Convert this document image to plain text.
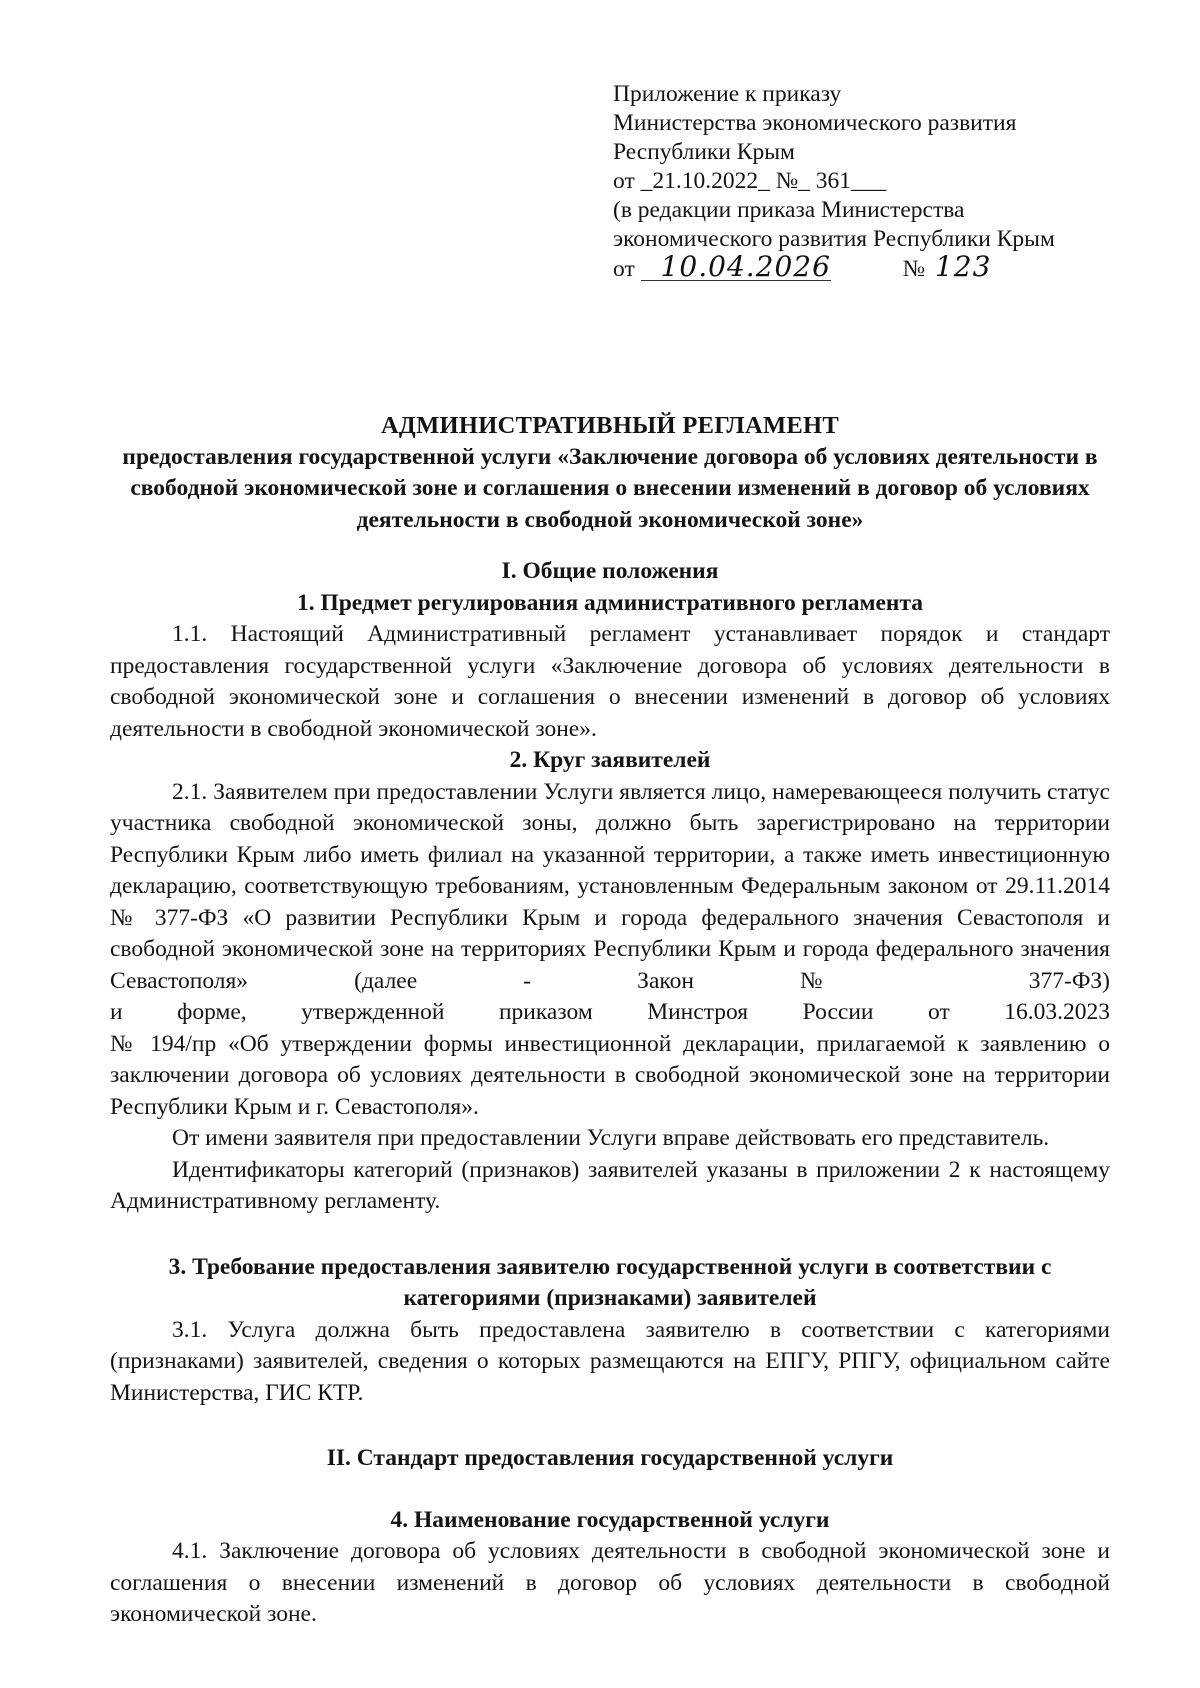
Приложение к приказу
Министерства экономического развития
Республики Крым
от _21.10.2022_ №_ 361___
(в редакции приказа Министерства
экономического развития Республики Крым
от 10.04.2026	№ 123

АДМИНИСТРАТИВНЫЙ РЕГЛАМЕНТ

предоставления государственной услуги «Заключение договора об условиях деятельности в свободной экономической зоне и соглашения о внесении изменений в договор об условиях деятельности в свободной экономической зоне»

I. Общие положения

1. Предмет регулирования административного регламента

1.1. Настоящий Административный регламент устанавливает порядок и стандарт предоставления государственной услуги «Заключение договора об условиях деятельности в свободной экономической зоне и соглашения о внесении изменений в договор об условиях деятельности в свободной экономической зоне».

2. Круг заявителей

2.1. Заявителем при предоставлении Услуги является лицо, намеревающееся получить статус участника свободной экономической зоны, должно быть зарегистрировано на территории Республики Крым либо иметь филиал на указанной территории, а также иметь инвестиционную декларацию, соответствующую требованиям, установленным Федеральным законом от 29.11.2014 № 377-ФЗ «О развитии Республики Крым и города федерального значения Севастополя и свободной экономической зоне на территориях Республики Крым и города федерального значения Севастополя» (далее - Закон № 377-ФЗ)

и форме, утвержденной приказом Минстроя России от 16.03.2023

№ 194/пр «Об утверждении формы инвестиционной декларации, прилагаемой к заявлению о заключении договора об условиях деятельности в свободной экономической зоне на территории Республики Крым и г. Севастополя».

От имени заявителя при предоставлении Услуги вправе действовать его представитель.

Идентификаторы категорий (признаков) заявителей указаны в приложении 2 к настоящему Административному регламенту.

3. Требование предоставления заявителю государственной услуги в соответствии с категориями (признаками) заявителей

3.1. Услуга должна быть предоставлена заявителю в соответствии с категориями (признаками) заявителей, сведения о которых размещаются на ЕПГУ, РПГУ, официальном сайте Министерства, ГИС КТР.

II. Стандарт предоставления государственной услуги

4. Наименование государственной услуги

4.1. Заключение договора об условиях деятельности в свободной экономической зоне и соглашения о внесении изменений в договор об условиях деятельности в свободной экономической зоне.
